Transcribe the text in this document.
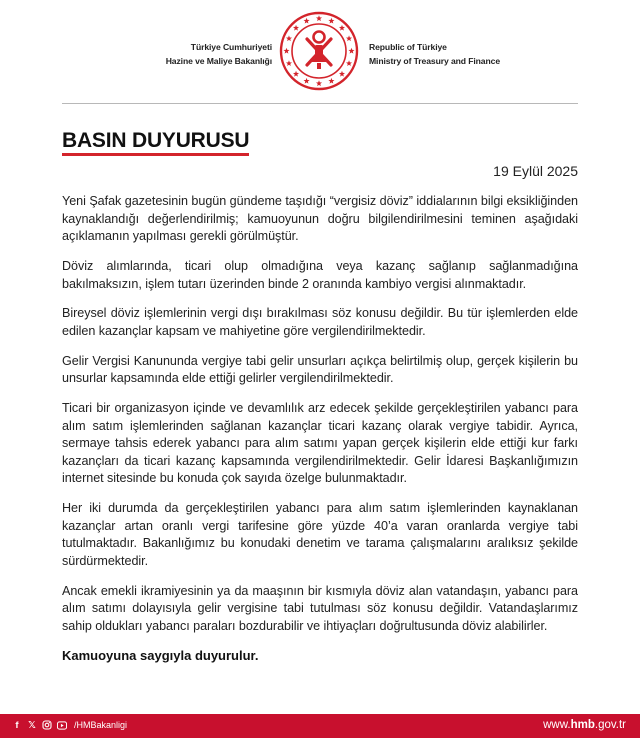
Türkiye Cumhuriyeti
Hazine ve Maliye Bakanlığı
Republic of Türkiye
Ministry of Treasury and Finance
BASIN DUYURUSU
19 Eylül 2025

Yeni Şafak gazetesinin bugün gündeme taşıdığı “vergisiz döviz” iddialarının bilgi eksikliğinden kaynaklandığı değerlendirilmiş; kamuoyunun doğru bilgilendirilmesini teminen aşağıdaki açıklamanın yapılması gerekli görülmüştür.

Döviz alımlarında, ticari olup olmadığına veya kazanç sağlanıp sağlanmadığına bakılmaksızın, işlem tutarı üzerinden binde 2 oranında kambiyo vergisi alınmaktadır.

Bireysel döviz işlemlerinin vergi dışı bırakılması söz konusu değildir. Bu tür işlemlerden elde edilen kazançlar kapsam ve mahiyetine göre vergilendirilmektedir.

Gelir Vergisi Kanununda vergiye tabi gelir unsurları açıkça belirtilmiş olup, gerçek kişilerin bu unsurlar kapsamında elde ettiği gelirler vergilendirilmektedir.

Ticari bir organizasyon içinde ve devamlılık arz edecek şekilde gerçekleştirilen yabancı para alım satım işlemlerinden sağlanan kazançlar ticari kazanç olarak vergiye tabidir. Ayrıca, sermaye tahsis ederek yabancı para alım satımı yapan gerçek kişilerin elde ettiği kur farkı kazançları da ticari kazanç kapsamında vergilendirilmektedir. Gelir İdaresi Başkanlığımızın internet sitesinde bu konuda çok sayıda özelge bulunmaktadır.

Her iki durumda da gerçekleştirilen yabancı para alım satım işlemlerinden kaynaklanan kazançlar artan oranlı vergi tarifesine göre yüzde 40’a varan oranlarda vergiye tabi tutulmaktadır. Bakanlığımız bu konudaki denetim ve tarama çalışmalarını aralıksız şekilde sürdürmektedir.

Ancak emekli ikramiyesinin ya da maaşının bir kısmıyla döviz alan vatandaşın, yabancı para alım satımı dolayısıyla gelir vergisine tabi tutulması söz konusu değildir. Vatandaşlarımız sahip oldukları yabancı paraları bozdurabilir ve ihtiyaçları doğrultusunda döviz alabilirler.

Kamuoyuna saygıyla duyurulur.

f	𝕏	/HMBakanligi	www.hmb.gov.tr
